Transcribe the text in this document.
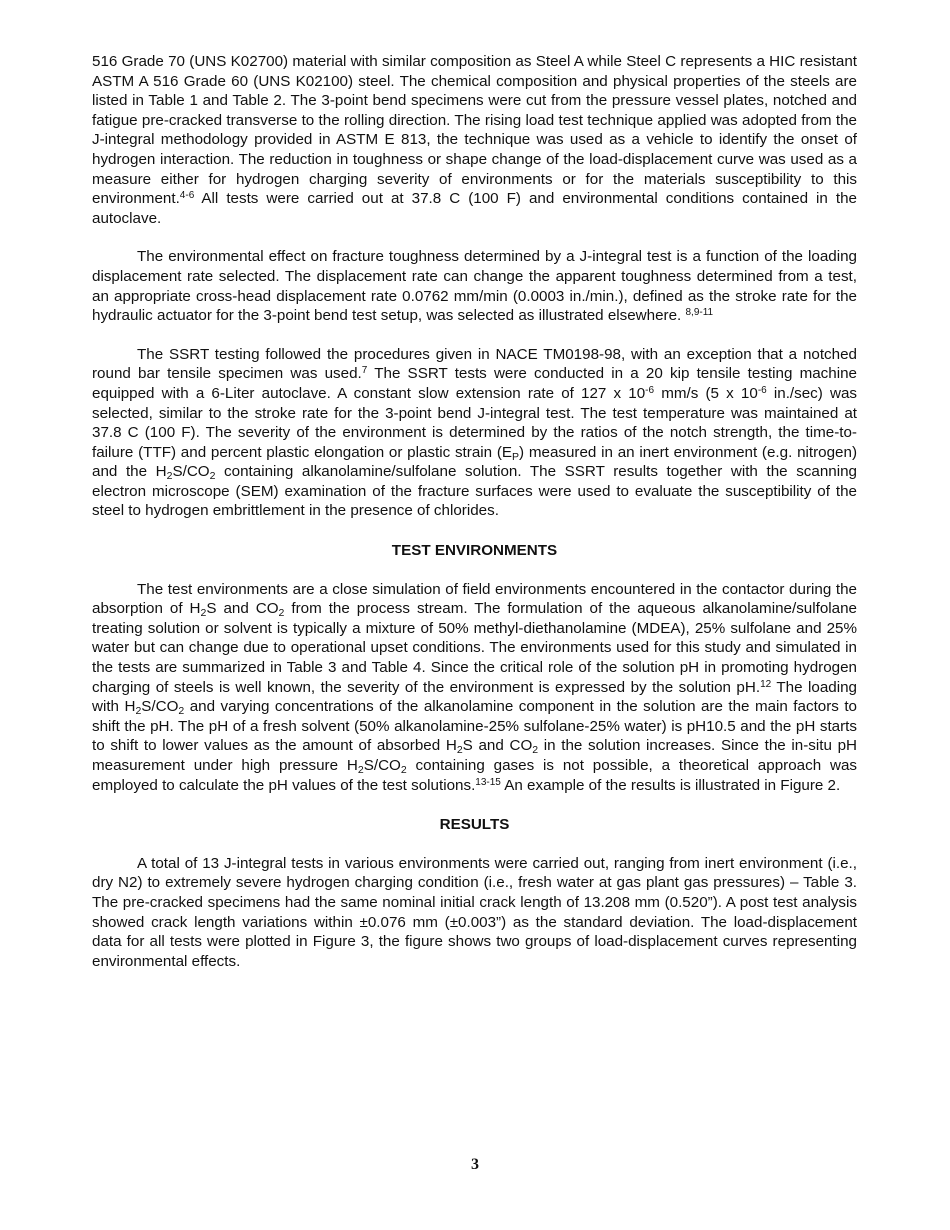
516 Grade 70 (UNS K02700) material with similar composition as Steel A while Steel C represents a HIC resistant ASTM A 516 Grade 60 (UNS K02100) steel. The chemical composition and physical properties of the steels are listed in Table 1 and Table 2. The 3-point bend specimens were cut from the pressure vessel plates, notched and fatigue pre-cracked transverse to the rolling direction. The rising load test technique applied was adopted from the J-integral methodology provided in ASTM E 813, the technique was used as a vehicle to identify the onset of hydrogen interaction. The reduction in toughness or shape change of the load-displacement curve was used as a measure either for hydrogen charging severity of environments or for the materials susceptibility to this environment.$^{4-6}$ All tests were carried out at 37.8 C (100 F) and environmental conditions contained in the autoclave.

The environmental effect on fracture toughness determined by a J-integral test is a function of the loading displacement rate selected. The displacement rate can change the apparent toughness determined from a test, an appropriate cross-head displacement rate 0.0762 mm/min (0.0003 in./min.), defined as the stroke rate for the hydraulic actuator for the 3-point bend test setup, was selected as illustrated elsewhere. $^{8,9-11}$

The SSRT testing followed the procedures given in NACE TM0198-98, with an exception that a notched round bar tensile specimen was used.$^7$ The SSRT tests were conducted in a 20 kip tensile testing machine equipped with a 6-Liter autoclave. A constant slow extension rate of 127 x $10^{-6}$ mm/s (5 x $10^{-6}$ in./sec) was selected, similar to the stroke rate for the 3-point bend J-integral test. The test temperature was maintained at 37.8 C (100 F). The severity of the environment is determined by the ratios of the notch strength, the time-to-failure (TTF) and percent plastic elongation or plastic strain $(E_P)$ measured in an inert environment (e.g. nitrogen) and the $H_2S/CO_2$ containing alkanolamine/sulfolane solution. The SSRT results together with the scanning electron microscope (SEM) examination of the fracture surfaces were used to evaluate the susceptibility of the steel to hydrogen embrittlement in the presence of chlorides.

TEST ENVIRONMENTS

The test environments are a close simulation of field environments encountered in the contactor during the absorption of $H_2S$ and $CO_2$ from the process stream. The formulation of the aqueous alkanolamine/sulfolane treating solution or solvent is typically a mixture of 50% methyl-diethanolamine (MDEA), 25% sulfolane and 25% water but can change due to operational upset conditions. The environments used for this study and simulated in the tests are summarized in Table 3 and Table 4. Since the critical role of the solution pH in promoting hydrogen charging of steels is well known, the severity of the environment is expressed by the solution pH.$^{12}$ The loading with $H_2S/CO_2$ and varying concentrations of the alkanolamine component in the solution are the main factors to shift the pH. The pH of a fresh solvent (50% alkanolamine-25% sulfolane-25% water) is pH10.5 and the pH starts to shift to lower values as the amount of absorbed $H_2S$ and $CO_2$ in the solution increases. Since the in-situ pH measurement under high pressure $H_2S/CO_2$ containing gases is not possible, a theoretical approach was employed to calculate the pH values of the test solutions.$^{13-15}$ An example of the results is illustrated in Figure 2.

RESULTS

A total of 13 J-integral tests in various environments were carried out, ranging from inert environment (i.e., dry N2) to extremely severe hydrogen charging condition (i.e., fresh water at gas plant gas pressures) – Table 3. The pre-cracked specimens had the same nominal initial crack length of 13.208 mm (0.520”). A post test analysis showed crack length variations within ±0.076 mm (±0.003”) as the standard deviation. The load-displacement data for all tests were plotted in Figure 3, the figure shows two groups of load-displacement curves representing environmental effects.

3
